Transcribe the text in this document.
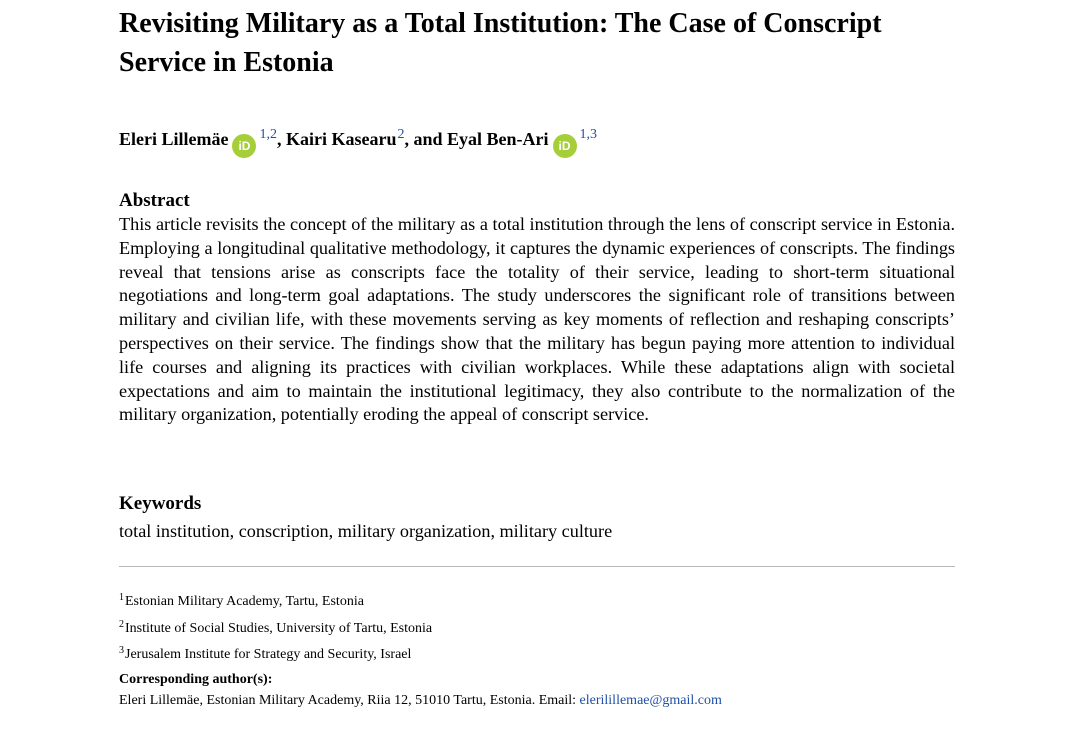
Revisiting Military as a Total Institution: The Case of Conscript Service in Estonia
Eleri Lillemäe iD$^{1,2}$, Kairi Kasearu$^2$, and Eyal Ben-Ari iD$^{1,3}$
Abstract

This article revisits the concept of the military as a total institution through the lens of conscript service in Estonia. Employing a longitudinal qualitative methodology, it captures the dynamic experiences of conscripts. The findings reveal that tensions arise as conscripts face the totality of their service, leading to short-term situational negotiations and long-term goal adaptations. The study underscores the significant role of transitions between military and civilian life, with these movements serving as key moments of reflection and reshaping conscripts’ perspectives on their service. The findings show that the military has begun paying more attention to individual life courses and aligning its practices with civilian workplaces. While these adaptations align with societal expectations and aim to maintain the institutional legitimacy, they also contribute to the normalization of the military organization, potentially eroding the appeal of conscript service.

Keywords
total institution, conscription, military organization, military culture
$^1$Estonian Military Academy, Tartu, Estonia
$^2$Institute of Social Studies, University of Tartu, Estonia
$^3$Jerusalem Institute for Strategy and Security, Israel
Corresponding author(s):
Eleri Lillemäe, Estonian Military Academy, Riia 12, 51010 Tartu, Estonia. Email: elerilillemae@gmail.com
